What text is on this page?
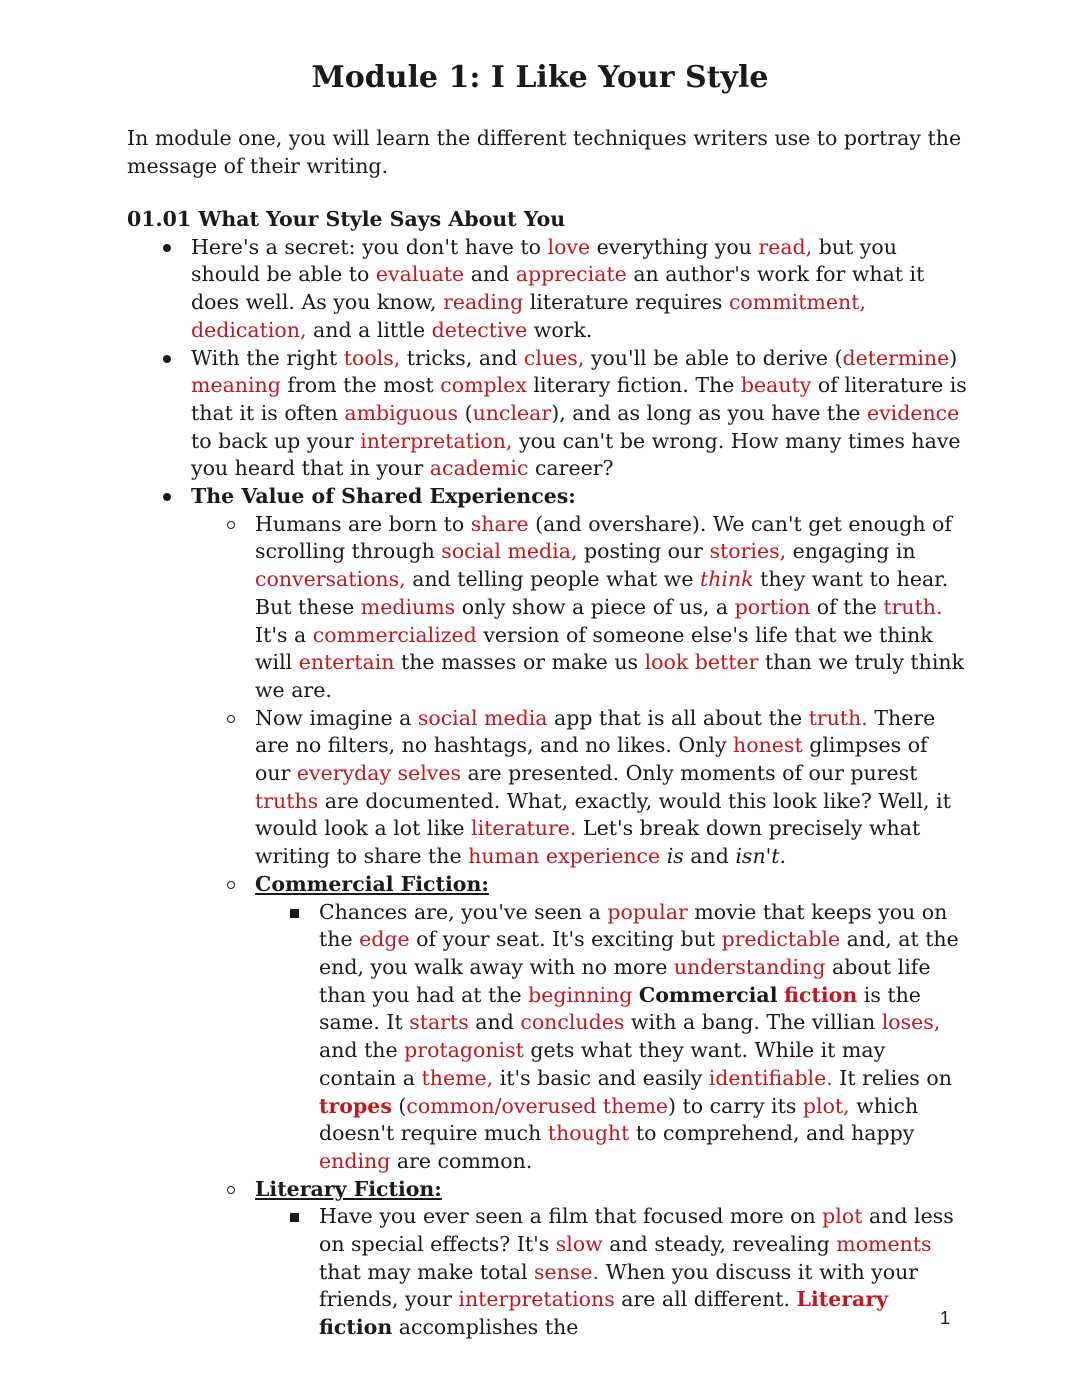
Module 1: I Like Your Style

In module one, you will learn the different techniques writers use to portray the message of their writing.

01.01 What Your Style Says About You

Here's a secret: you don't have to love everything you read, but you should be able to evaluate and appreciate an author's work for what it does well. As you know, reading literature requires commitment, dedication, and a little detective work.

With the right tools, tricks, and clues, you'll be able to derive (determine) meaning from the most complex literary fiction. The beauty of literature is that it is often ambiguous (unclear), and as long as you have the evidence to back up your interpretation, you can't be wrong. How many times have you heard that in your academic career?

The Value of Shared Experiences:

Humans are born to share (and overshare). We can't get enough of scrolling through social media, posting our stories, engaging in conversations, and telling people what we think they want to hear. But these mediums only show a piece of us, a portion of the truth. It's a commercialized version of someone else's life that we think will entertain the masses or make us look better than we truly think we are.

Now imagine a social media app that is all about the truth. There are no filters, no hashtags, and no likes. Only honest glimpses of our everyday selves are presented. Only moments of our purest truths are documented. What, exactly, would this look like? Well, it would look a lot like literature. Let's break down precisely what writing to share the human experience is and isn't.

Commercial Fiction:

Chances are, you've seen a popular movie that keeps you on the edge of your seat. It's exciting but predictable and, at the end, you walk away with no more understanding about life than you had at the beginning Commercial fiction is the same. It starts and concludes with a bang. The villian loses, and the protagonist gets what they want. While it may contain a theme, it's basic and easily identifiable. It relies on tropes (common/overused theme) to carry its plot, which doesn't require much thought to comprehend, and happy ending are common.

Literary Fiction:

Have you ever seen a film that focused more on plot and less on special effects? It's slow and steady, revealing moments that may make total sense. When you discuss it with your friends, your interpretations are all different. Literary fiction accomplishes the	1
